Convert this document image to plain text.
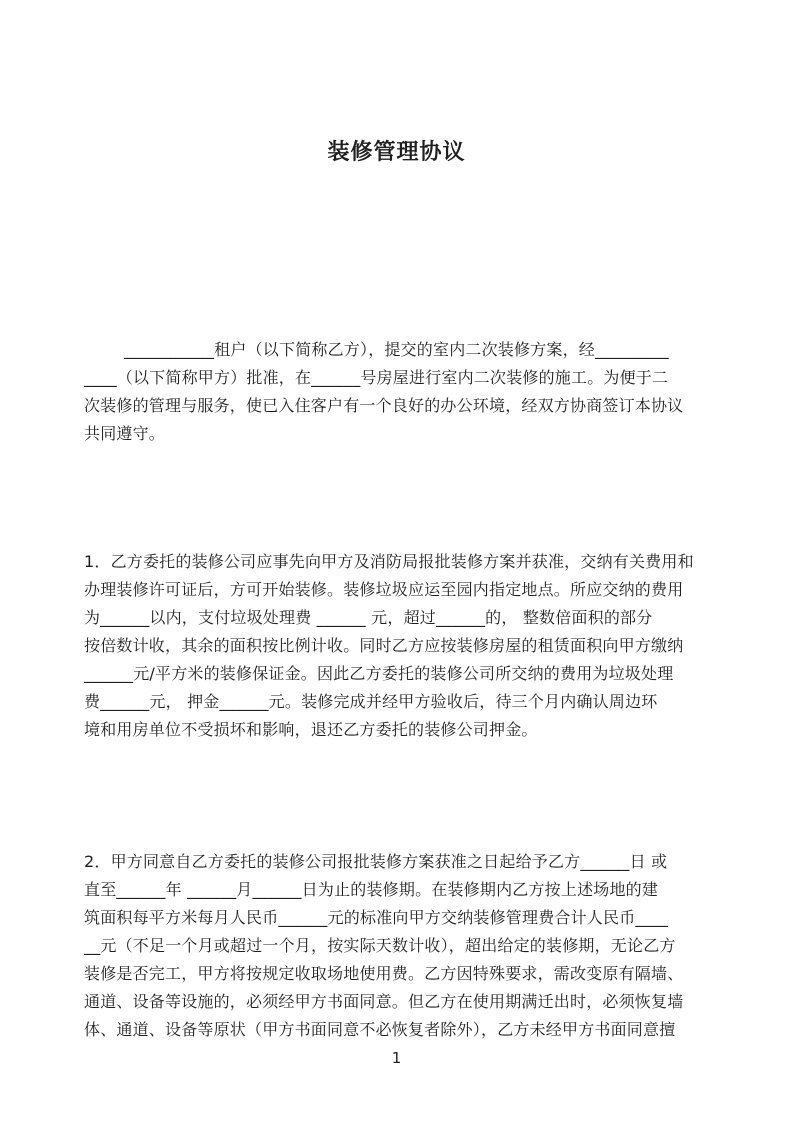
装修管理协议
___________租户（以下简称乙方），提交的室内二次装修方案，经_________
____（以下简称甲方）批准，在______号房屋进行室内二次装修的施工。为便于二
次装修的管理与服务，使已入住客户有一个良好的办公环境，经双方协商签订本协议
共同遵守。
1．乙方委托的装修公司应事先向甲方及消防局报批装修方案并获准，交纳有关费用和
办理装修许可证后，方可开始装修。装修垃圾应运至园内指定地点。所应交纳的费用
为______以内，支付垃圾处理费 ______ 元，超过______的， 整数倍面积的部分
按倍数计收，其余的面积按比例计收。同时乙方应按装修房屋的租赁面积向甲方缴纳
______元/平方米的装修保证金。因此乙方委托的装修公司所交纳的费用为垃圾处理
费______元， 押金______元。装修完成并经甲方验收后，待三个月内确认周边环
境和用房单位不受损坏和影响，退还乙方委托的装修公司押金。
2．甲方同意自乙方委托的装修公司报批装修方案获准之日起给予乙方______日 或
直至______年 ______月______日为止的装修期。在装修期内乙方按上述场地的建
筑面积每平方米每月人民币______元的标准向甲方交纳装修管理费合计人民币____
__元（不足一个月或超过一个月，按实际天数计收），超出给定的装修期，无论乙方
装修是否完工，甲方将按规定收取场地使用费。乙方因特殊要求，需改变原有隔墙、
通道、设备等设施的，必须经甲方书面同意。但乙方在使用期满迁出时，必须恢复墙
体、通道、设备等原状（甲方书面同意不必恢复者除外），乙方未经甲方书面同意擅
1
